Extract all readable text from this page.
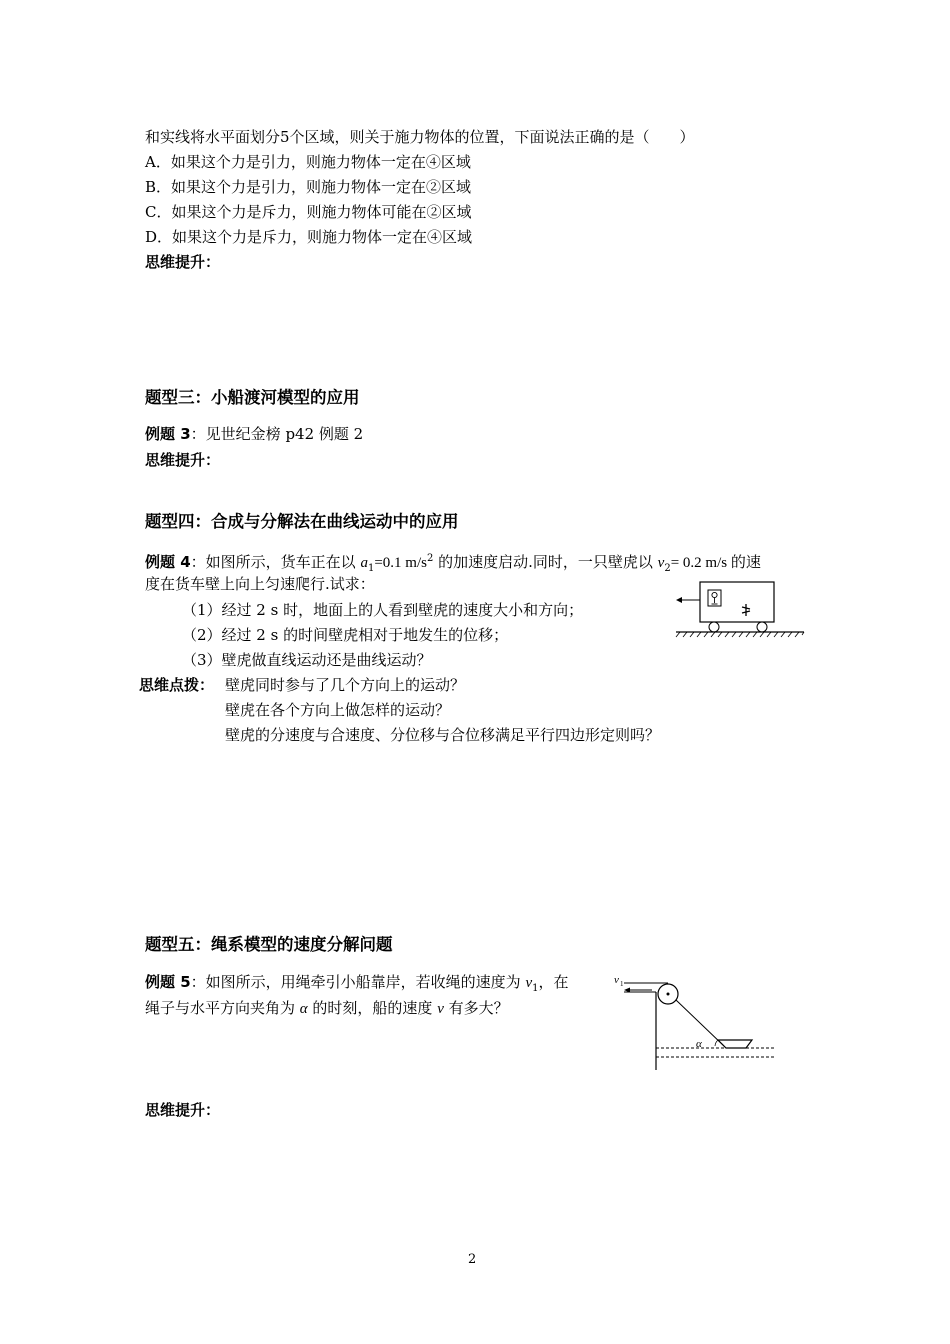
和实线将水平面划分5个区域，则关于施力物体的位置，下面说法正确的是（　　）
A．如果这个力是引力，则施力物体一定在④区域
B．如果这个力是引力，则施力物体一定在②区域
C．如果这个力是斥力，则施力物体可能在②区域
D．如果这个力是斥力，则施力物体一定在④区域
思维提升：
题型三：小船渡河模型的应用
例题 3：见世纪金榜 p42 例题 2
思维提升：
题型四：合成与分解法在曲线运动中的应用
例题 4：如图所示，货车正在以 $a_1=0.1$ $m/s^2$ 的加速度启动.同时，一只壁虎以 $v_2= 0.2$ m/s 的速
度在货车壁上向上匀速爬行.试求：
（1）经过 2 s 时，地面上的人看到壁虎的速度大小和方向；
（2）经过 2 s 的时间壁虎相对于地发生的位移；
（3）壁虎做直线运动还是曲线运动？
思维点拨： 壁虎同时参与了几个方向上的运动？
壁虎在各个方向上做怎样的运动？
壁虎的分速度与合速度、分位移与合位移满足平行四边形定则吗？
题型五：绳系模型的速度分解问题
例题 5：如图所示，用绳牵引小船靠岸，若收绳的速度为 $v_1$，在
绳子与水平方向夹角为 α 的时刻，船的速度 v 有多大？
思维提升：
v 1
α
2
